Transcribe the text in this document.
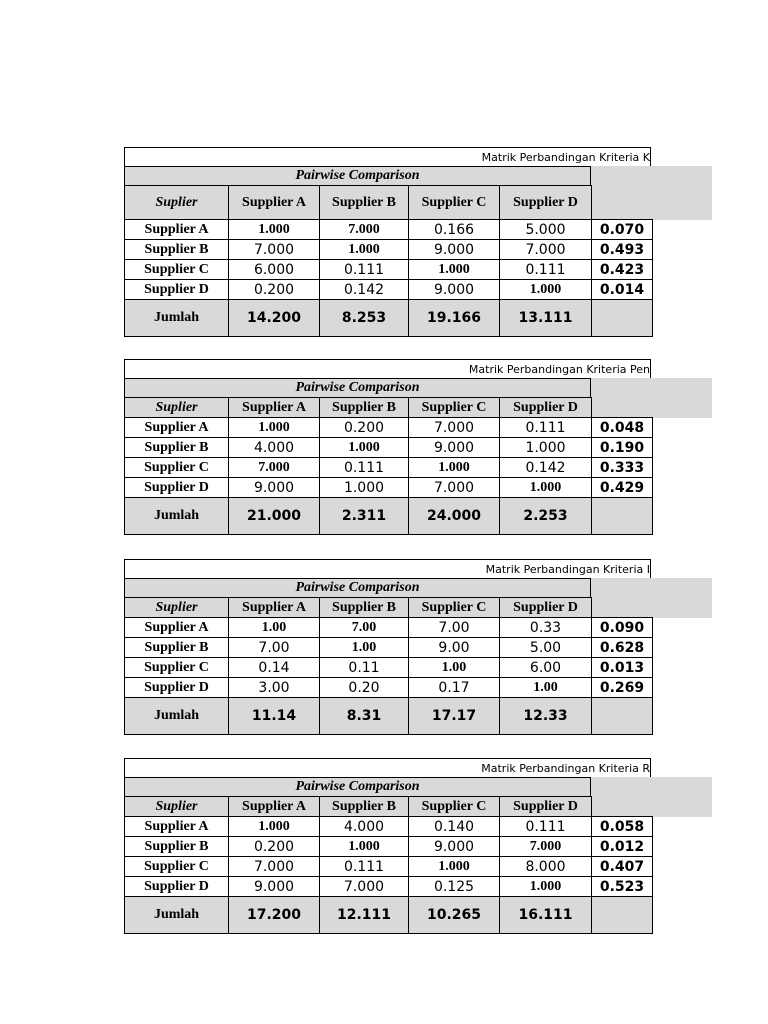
Matrik Perbandingan Kriteria K
Pairwise Comparison
Suplier	Supplier A	Supplier B	Supplier C	Supplier D	
Supplier A	1.000	7.000	0.166	5.000	0.070
Supplier B	7.000	1.000	9.000	7.000	0.493
Supplier C	6.000	0.111	1.000	0.111	0.423
Supplier D	0.200	0.142	9.000	1.000	0.014
Jumlah	14.200	8.253	19.166	13.111	
Matrik Perbandingan Kriteria Pen
Pairwise Comparison
Suplier	Supplier A	Supplier B	Supplier C	Supplier D	
Supplier A	1.000	0.200	7.000	0.111	0.048
Supplier B	4.000	1.000	9.000	1.000	0.190
Supplier C	7.000	0.111	1.000	0.142	0.333
Supplier D	9.000	1.000	7.000	1.000	0.429
Jumlah	21.000	2.311	24.000	2.253	
Matrik Perbandingan Kriteria I
Pairwise Comparison
Suplier	Supplier A	Supplier B	Supplier C	Supplier D	
Supplier A	1.00	7.00	7.00	0.33	0.090
Supplier B	7.00	1.00	9.00	5.00	0.628
Supplier C	0.14	0.11	1.00	6.00	0.013
Supplier D	3.00	0.20	0.17	1.00	0.269
Jumlah	11.14	8.31	17.17	12.33	
Matrik Perbandingan Kriteria R
Pairwise Comparison
Suplier	Supplier A	Supplier B	Supplier C	Supplier D	
Supplier A	1.000	4.000	0.140	0.111	0.058
Supplier B	0.200	1.000	9.000	7.000	0.012
Supplier C	7.000	0.111	1.000	8.000	0.407
Supplier D	9.000	7.000	0.125	1.000	0.523
Jumlah	17.200	12.111	10.265	16.111	
